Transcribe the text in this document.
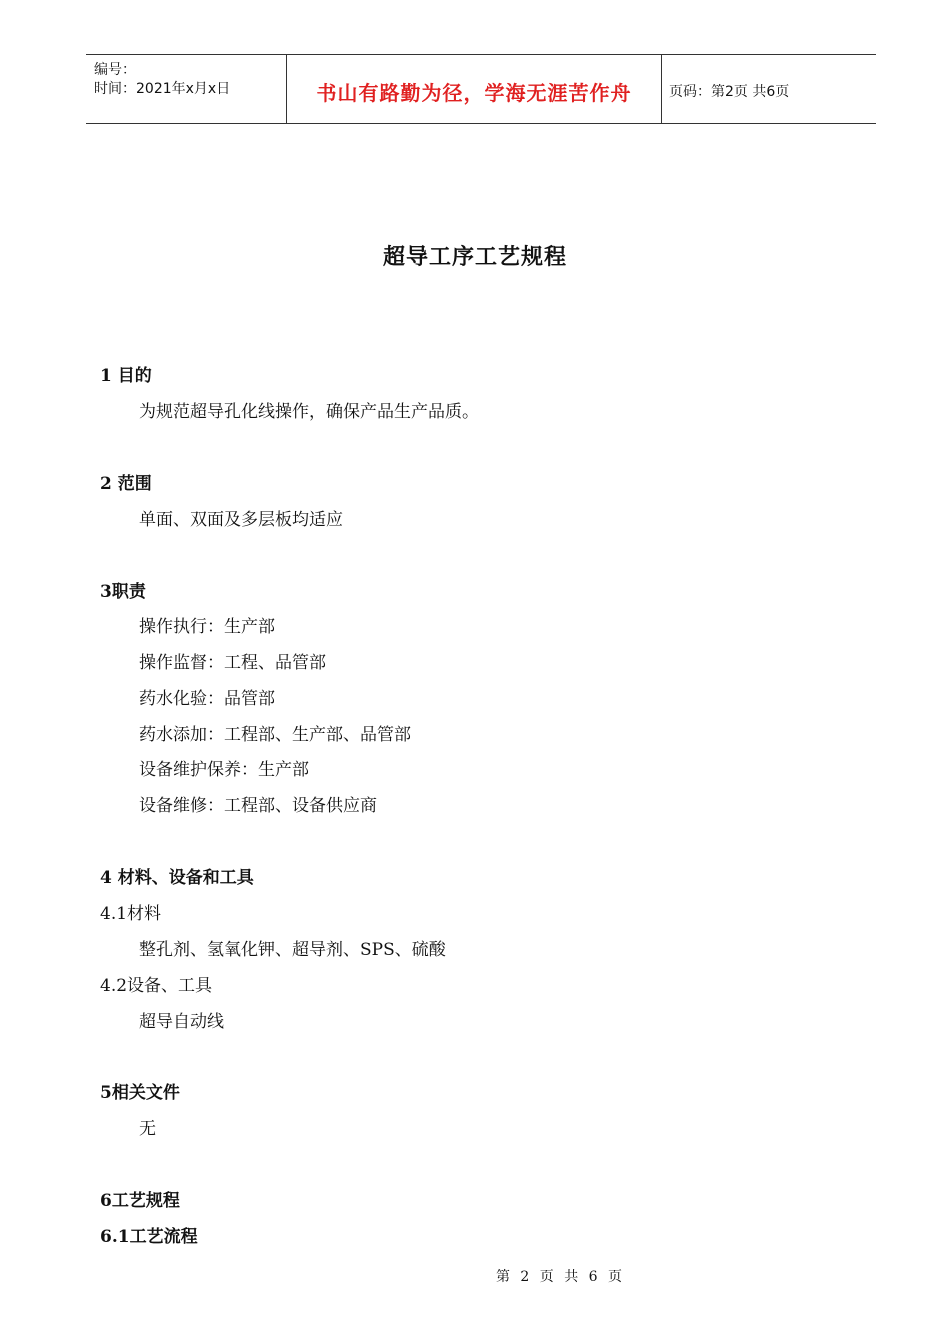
编号：
时间：2021年x月x日	书山有路勤为径，学海无涯苦作舟	页码：第2页 共6页
超导工序工艺规程
1 目的
为规范超导孔化线操作，确保产品生产品质。
2 范围
单面、双面及多层板均适应
3职责
操作执行：生产部
操作监督：工程、品管部
药水化验：品管部
药水添加：工程部、生产部、品管部
设备维护保养：生产部
设备维修：工程部、设备供应商
4 材料、设备和工具
4.1材料
整孔剂、氢氧化钾、超导剂、SPS、硫酸
4.2设备、工具
超导自动线
5相关文件
无
6工艺规程
6.1工艺流程
第 2 页 共 6 页
